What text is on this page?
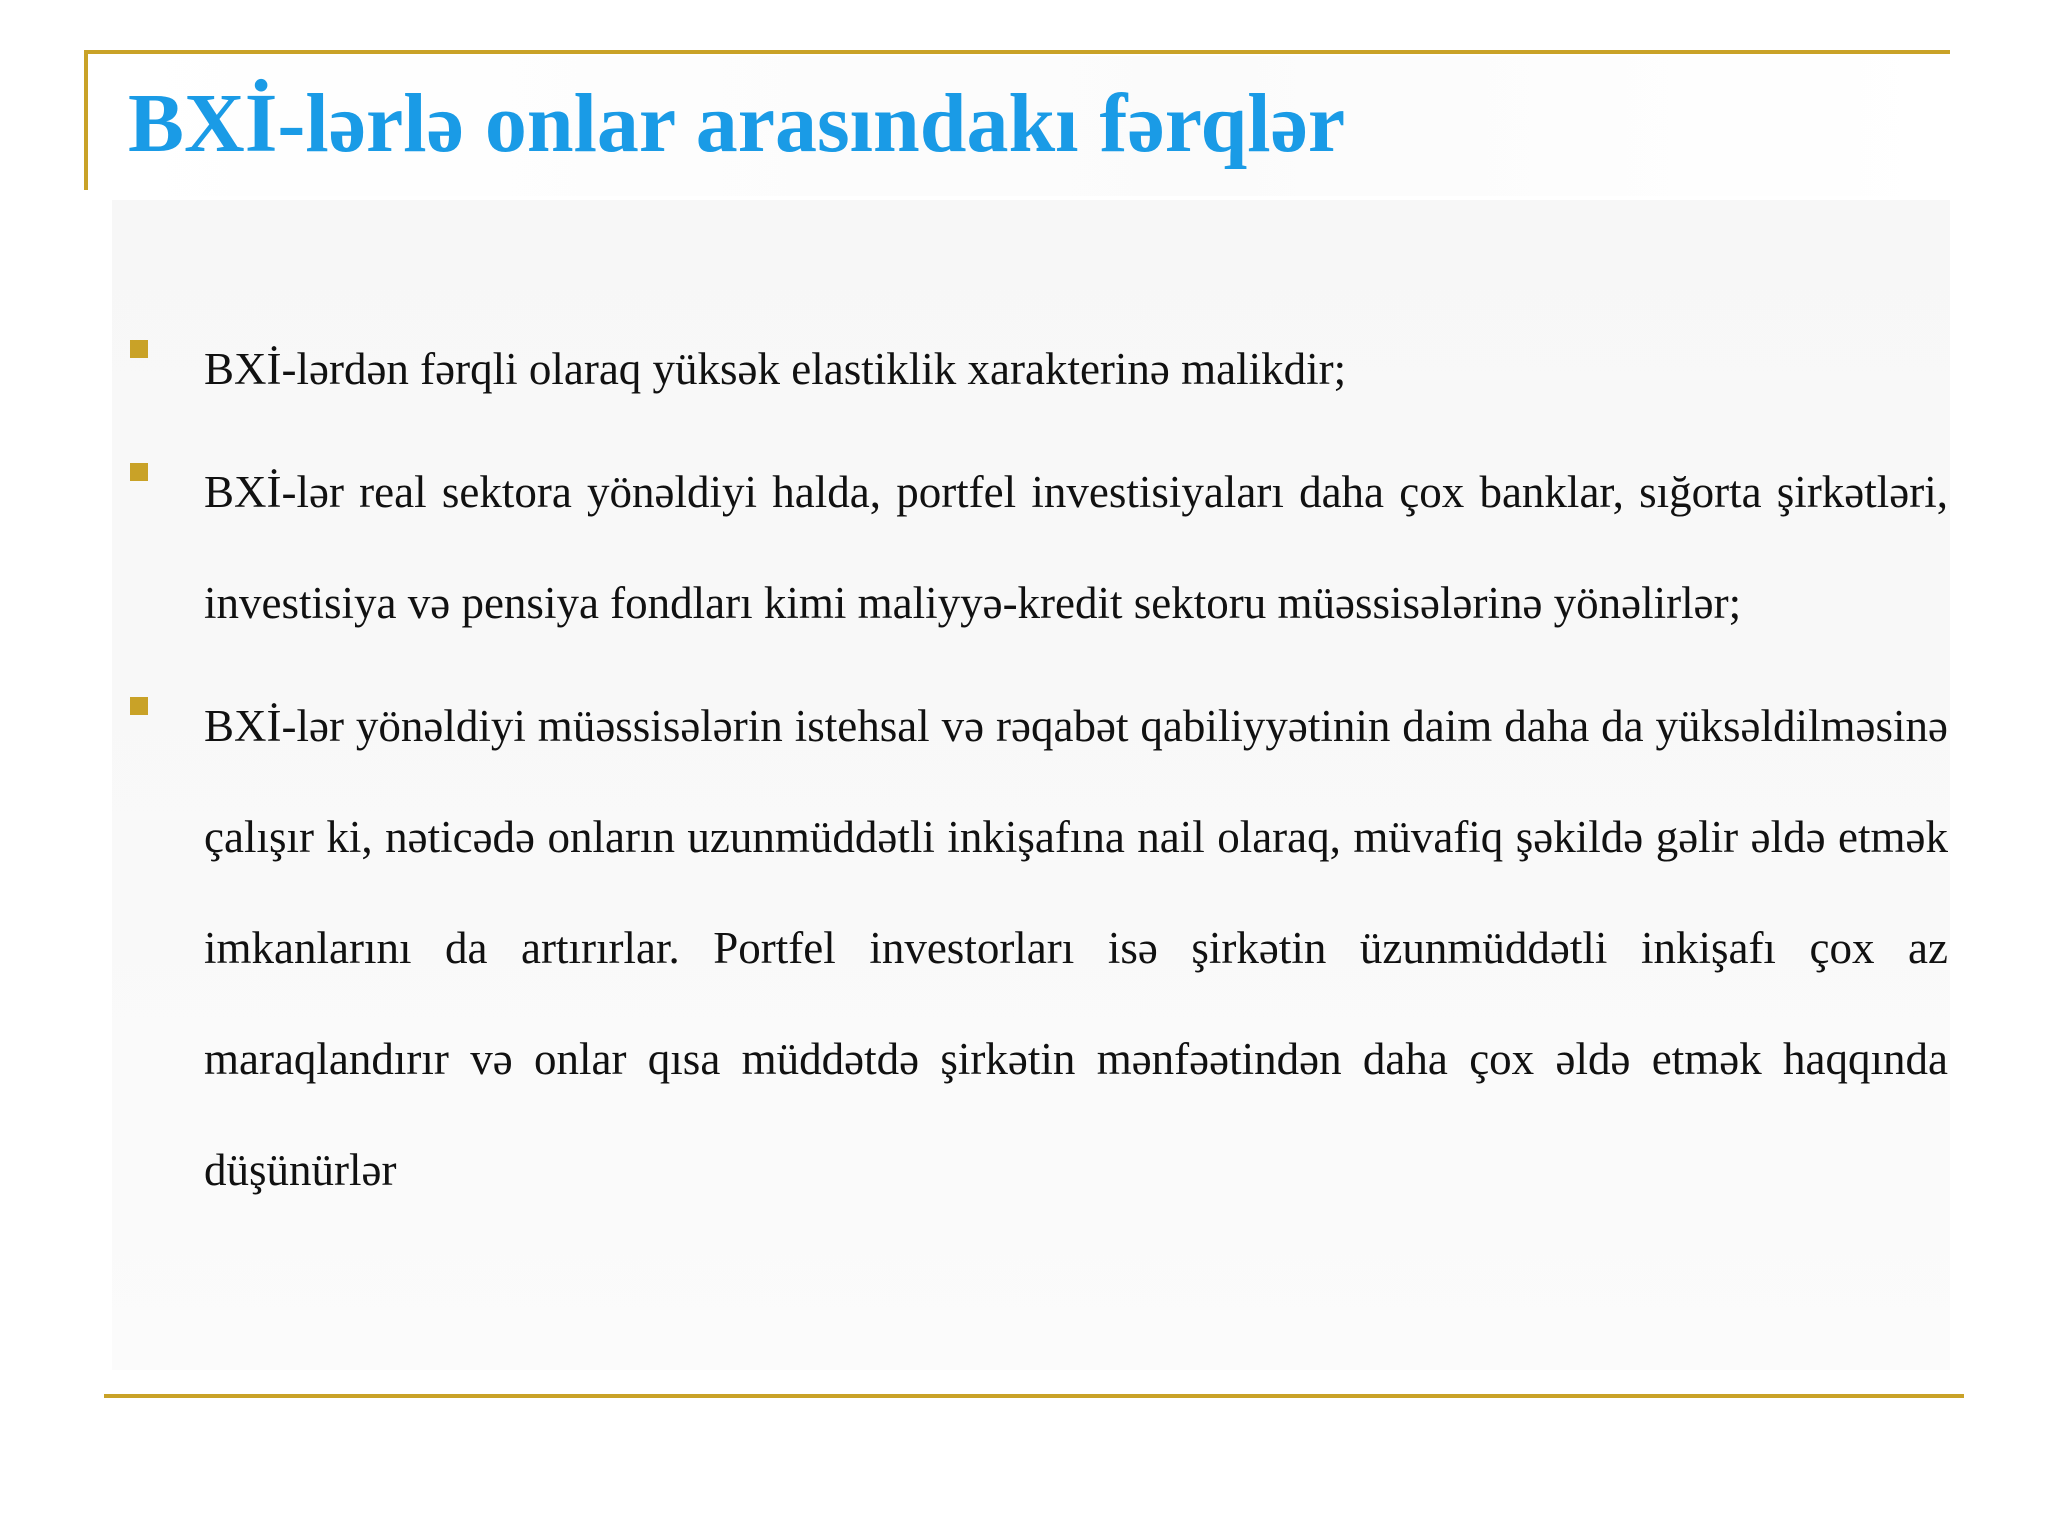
BXİ-lərlə onlar arasındakı fərqlər
BXİ-lərdən fərqli olaraq yüksək elastiklik xarakterinə malikdir;
BXİ-lər real sektora yönəldiyi halda, portfel investisiyaları daha çox banklar, sığorta şirkətləri, investisiya və pensiya fondları kimi maliyyə-kredit sektoru müəssisələrinə yönəlirlər;
BXİ-lər yönəldiyi müəssisələrin istehsal və rəqabət qabiliyyətinin daim daha da yüksəldilməsinə çalışır ki, nəticədə onların uzunmüddətli inkişafına nail olaraq, müvafiq şəkildə gəlir əldə etmək imkanlarını da artırırlar. Portfel investorları isə şirkətin üzunmüddətli inkişafı çox az maraqlandırır və onlar qısa müddətdə şirkətin mənfəətindən daha çox əldə etmək haqqında düşünürlər
